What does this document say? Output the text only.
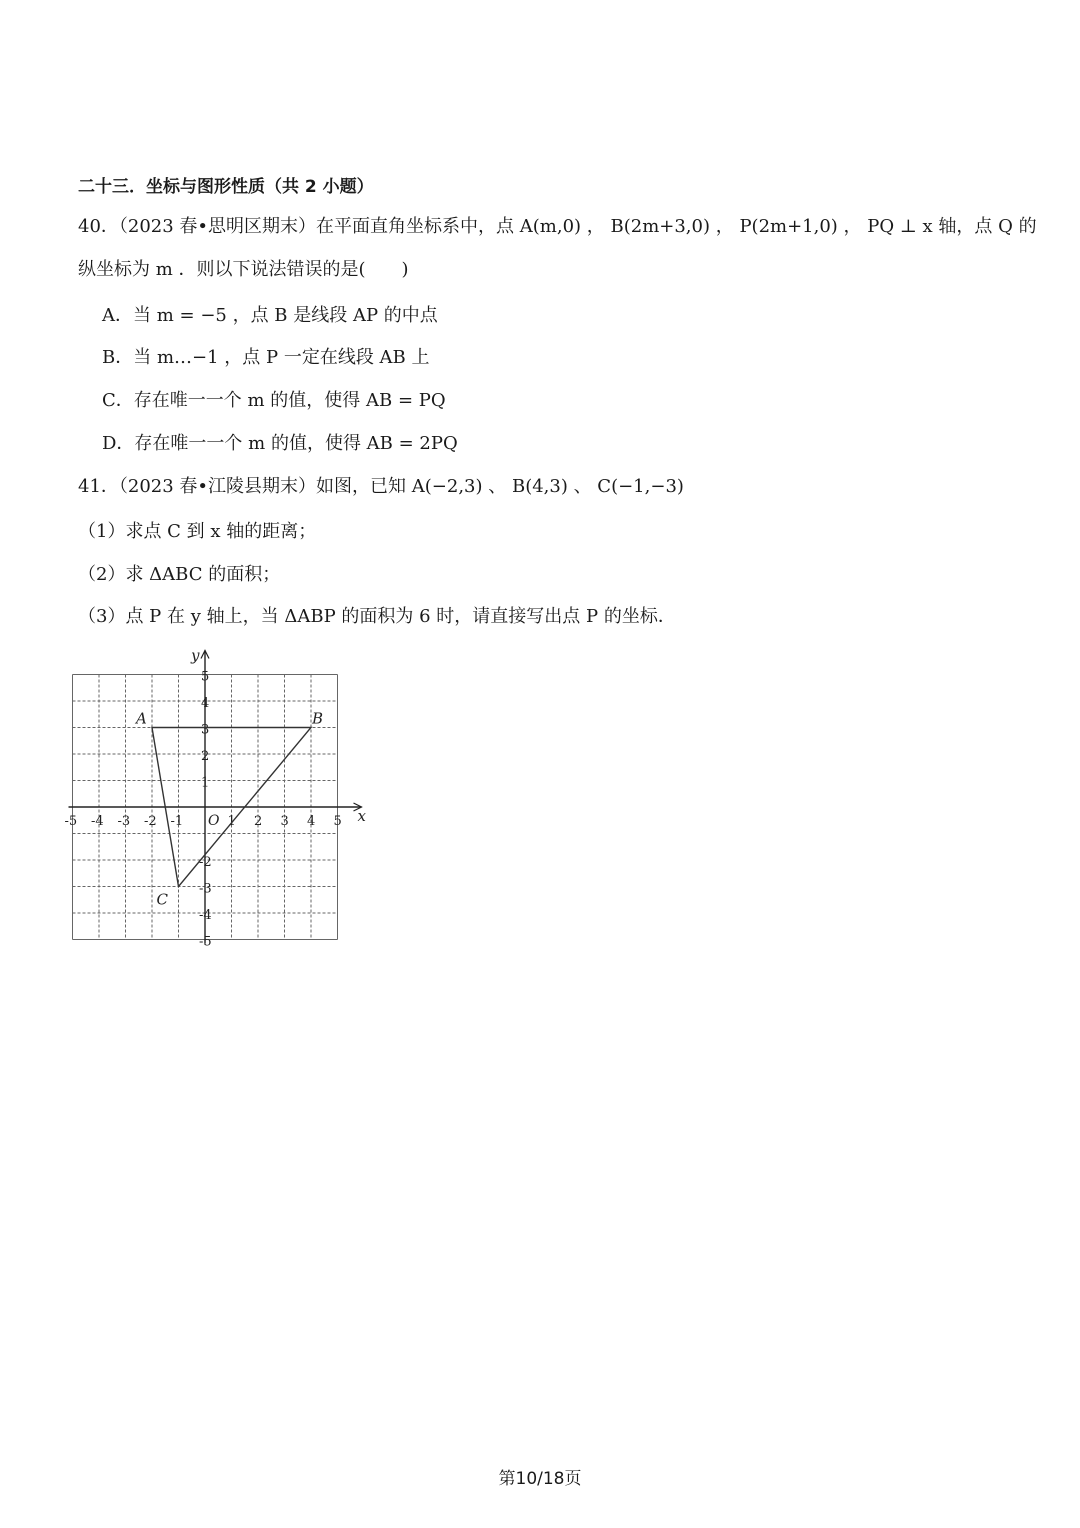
二十三．坐标与图形性质（共 2 小题）
40．（2023 春•思明区期末）在平面直角坐标系中，点 A(m,0) ， B(2m+3,0) ， P(2m+1,0) ， PQ ⊥ x 轴，点 Q 的
纵坐标为 m ．则以下说法错误的是(　　)
A．当 m = −5 ，点 B 是线段 AP 的中点
B．当 m…−1 ，点 P 一定在线段 AB 上
C．存在唯一一个 m 的值，使得 AB = PQ
D．存在唯一一个 m 的值，使得 AB = 2PQ
41．（2023 春•江陵县期末）如图，已知 A(−2,3) 、 B(4,3) 、 C(−1,−3)
（1）求点 C 到 x 轴的距离；
（2）求 ΔABC 的面积；
（3）点 P 在 y 轴上，当 ΔABP 的面积为 6 时，请直接写出点 P 的坐标．
x
y
O
-5 -4 -3 -2 -1	1 2 3 4 5
5
4
3
2
1
-2
-3
-4
-5
A	B
C
第10/18页
